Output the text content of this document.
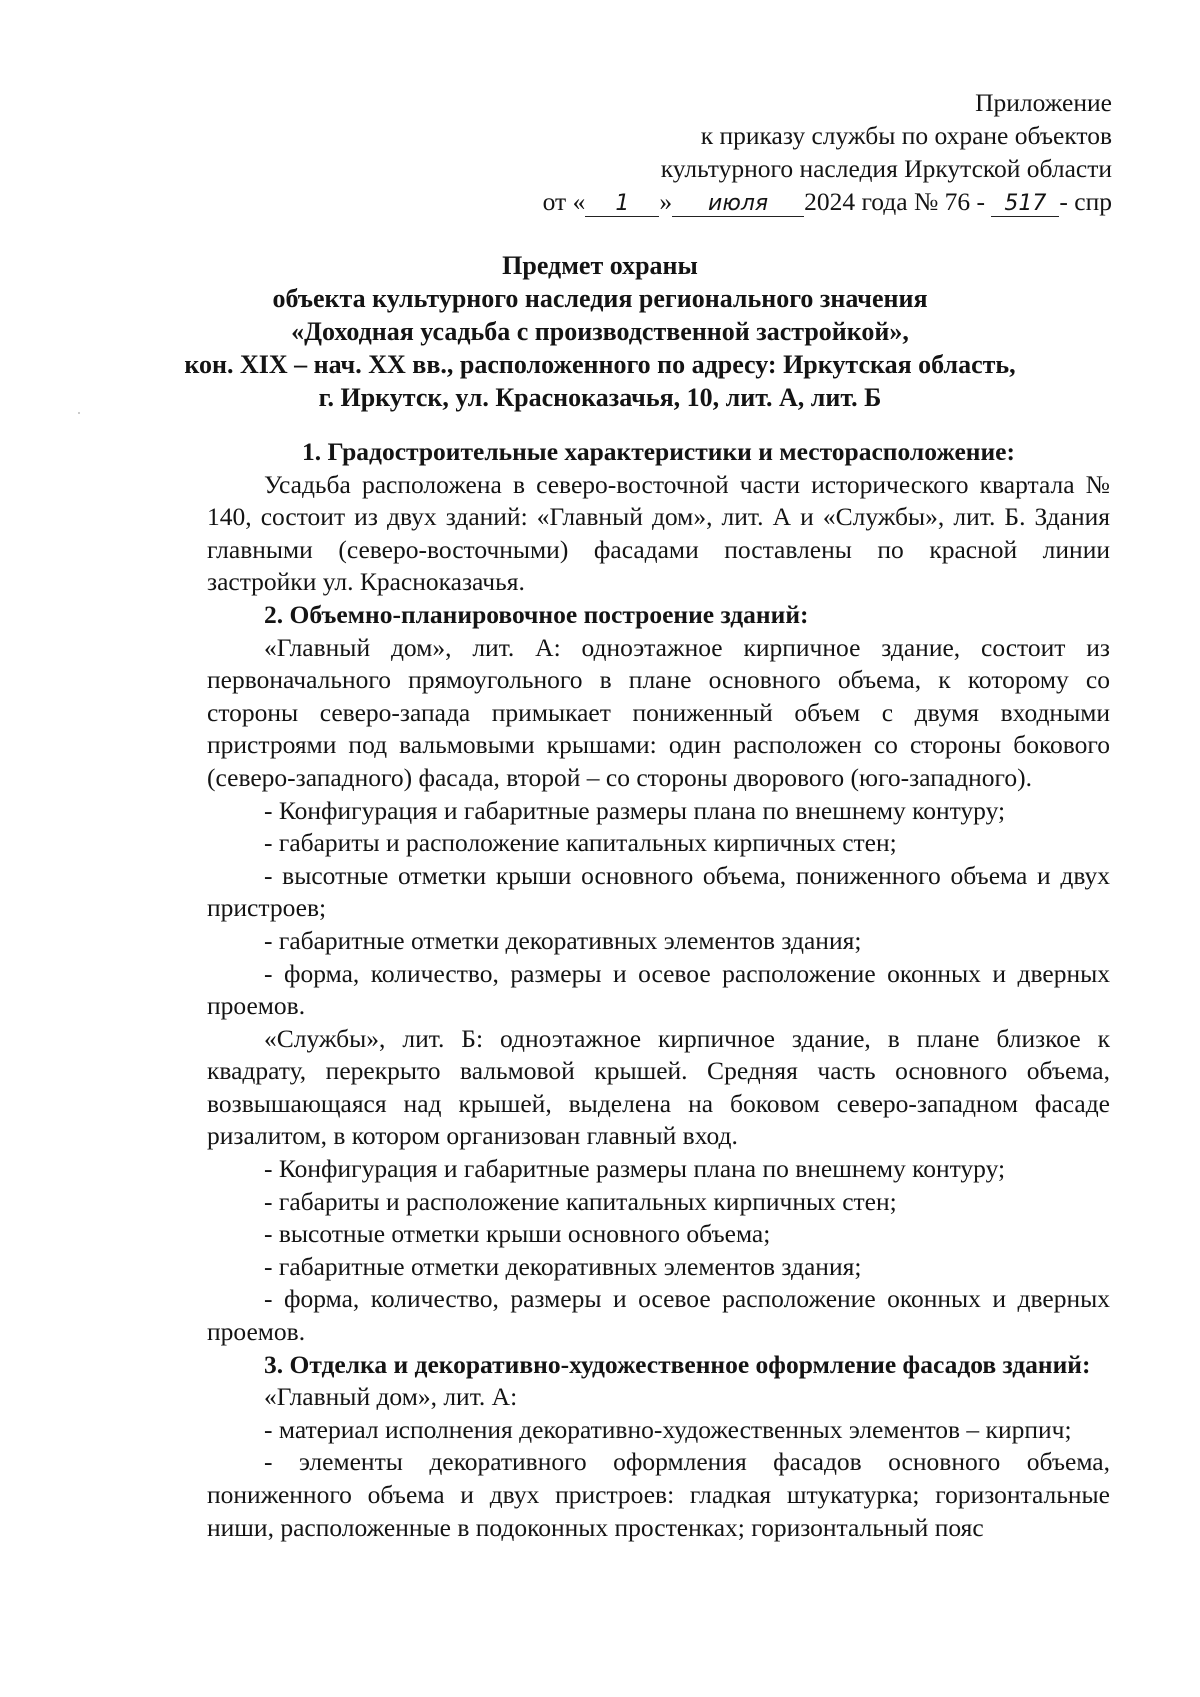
Приложение
к приказу службы по охране объектов
культурного наследия Иркутской области
от « 1 » июля 2024 года № 76 - 517 - спр
Предмет охраны
объекта культурного наследия регионального значения
«Доходная усадьба с производственной застройкой»,
кон. XIX – нач. XX вв., расположенного по адресу: Иркутская область,
г. Иркутск, ул. Красноказачья, 10, лит. А, лит. Б

1. Градостроительные характеристики и месторасположение:

Усадьба расположена в северо-восточной части исторического квартала № 140, состоит из двух зданий: «Главный дом», лит. А и «Службы», лит. Б. Здания главными (северо-восточными) фасадами поставлены по красной линии застройки ул. Красноказачья.

2. Объемно-планировочное построение зданий:

«Главный дом», лит. А: одноэтажное кирпичное здание, состоит из первоначального прямоугольного в плане основного объема, к которому со стороны северо-запада примыкает пониженный объем с двумя входными пристроями под вальмовыми крышами: один расположен со стороны бокового (северо-западного) фасада, второй – со стороны дворового (юго-западного).

- Конфигурация и габаритные размеры плана по внешнему контуру;

- габариты и расположение капитальных кирпичных стен;

- высотные отметки крыши основного объема, пониженного объема и двух пристроев;

- габаритные отметки декоративных элементов здания;

- форма, количество, размеры и осевое расположение оконных и дверных проемов.

«Службы», лит. Б: одноэтажное кирпичное здание, в плане близкое к квадрату, перекрыто вальмовой крышей. Средняя часть основного объема, возвышающаяся над крышей, выделена на боковом северо-западном фасаде ризалитом, в котором организован главный вход.

- Конфигурация и габаритные размеры плана по внешнему контуру;

- габариты и расположение капитальных кирпичных стен;

- высотные отметки крыши основного объема;

- габаритные отметки декоративных элементов здания;

- форма, количество, размеры и осевое расположение оконных и дверных проемов.

3. Отделка и декоративно-художественное оформление фасадов зданий:

«Главный дом», лит. А:

- материал исполнения декоративно-художественных элементов – кирпич;

- элементы декоративного оформления фасадов основного объема, пониженного объема и двух пристроев: гладкая штукатурка; горизонтальные ниши, расположенные в подоконных простенках; горизонтальный пояс
